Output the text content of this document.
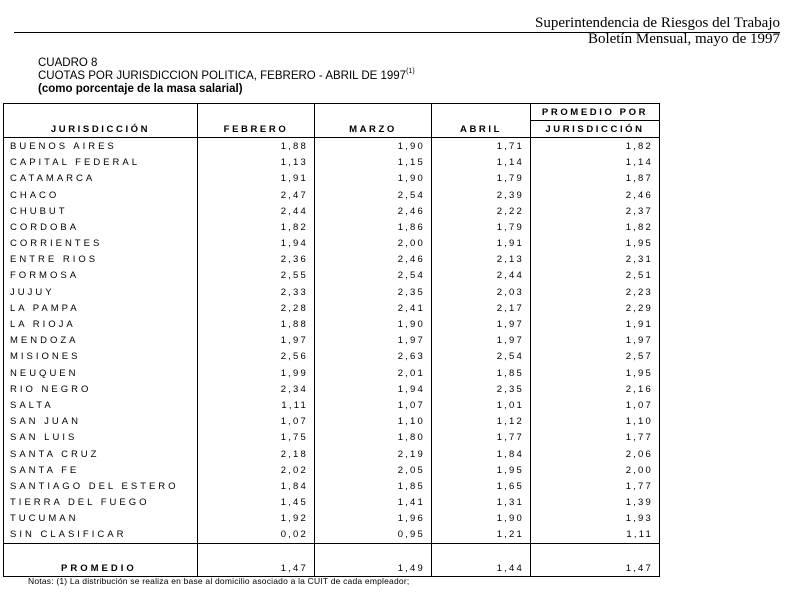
Superintendencia de Riesgos del Trabajo
Boletín Mensual, mayo de 1997
CUADRO 8
CUOTAS POR JURISDICCION POLITICA, FEBRERO - ABRIL DE 1997$^{(1)}$
(como porcentaje de la masa salarial)
				PROMEDIO POR
JURISDICCIÓN	FEBRERO	MARZO	ABRIL	JURISDICCIÓN
BUENOS AIRES	1,88	1,90	1,71	1,82
CAPITAL FEDERAL	1,13	1,15	1,14	1,14
CATAMARCA	1,91	1,90	1,79	1,87
CHACO	2,47	2,54	2,39	2,46
CHUBUT	2,44	2,46	2,22	2,37
CORDOBA	1,82	1,86	1,79	1,82
CORRIENTES	1,94	2,00	1,91	1,95
ENTRE RIOS	2,36	2,46	2,13	2,31
FORMOSA	2,55	2,54	2,44	2,51
JUJUY	2,33	2,35	2,03	2,23
LA PAMPA	2,28	2,41	2,17	2,29
LA RIOJA	1,88	1,90	1,97	1,91
MENDOZA	1,97	1,97	1,97	1,97
MISIONES	2,56	2,63	2,54	2,57
NEUQUEN	1,99	2,01	1,85	1,95
RIO NEGRO	2,34	1,94	2,35	2,16
SALTA	1,11	1,07	1,01	1,07
SAN JUAN	1,07	1,10	1,12	1,10
SAN LUIS	1,75	1,80	1,77	1,77
SANTA CRUZ	2,18	2,19	1,84	2,06
SANTA FE	2,02	2,05	1,95	2,00
SANTIAGO DEL ESTERO	1,84	1,85	1,65	1,77
TIERRA DEL FUEGO	1,45	1,41	1,31	1,39
TUCUMAN	1,92	1,96	1,90	1,93
SIN CLASIFICAR	0,02	0,95	1,21	1,11

PROMEDIO	1,47	1,49	1,44	1,47
Notas: (1) La distribución se realiza en base al domicilio asociado a la CUIT de cada empleador;
